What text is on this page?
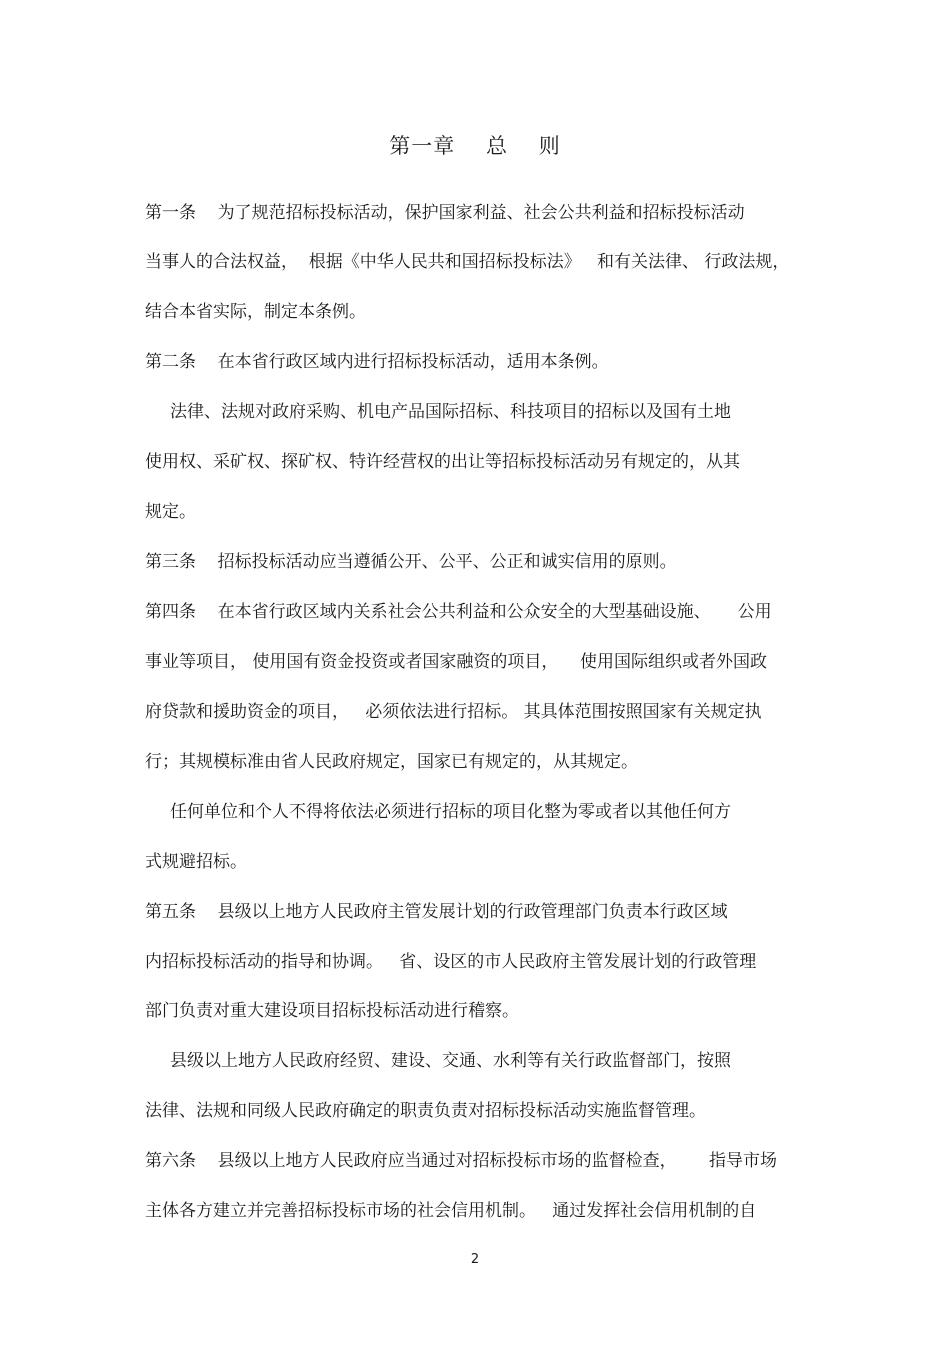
第一章    总    则
第一条    为了规范招标投标活动，保护国家利益、社会公共利益和招标投标活动
当事人的合法权益，  根据《中华人民共和国招标投标法》   和有关法律、 行政法规，
结合本省实际，制定本条例。
第二条    在本省行政区域内进行招标投标活动，适用本条例。
法律、法规对政府采购、机电产品国际招标、科技项目的招标以及国有土地
使用权、采矿权、探矿权、特许经营权的出让等招标投标活动另有规定的，从其
规定。
第三条    招标投标活动应当遵循公开、公平、公正和诚实信用的原则。
第四条    在本省行政区域内关系社会公共利益和公众安全的大型基础设施、     公用
事业等项目， 使用国有资金投资或者国家融资的项目，    使用国际组织或者外国政
府贷款和援助资金的项目，   必须依法进行招标。 其具体范围按照国家有关规定执
行；其规模标准由省人民政府规定，国家已有规定的，从其规定。
任何单位和个人不得将依法必须进行招标的项目化整为零或者以其他任何方
式规避招标。
第五条    县级以上地方人民政府主管发展计划的行政管理部门负责本行政区域
内招标投标活动的指导和协调。   省、设区的市人民政府主管发展计划的行政管理
部门负责对重大建设项目招标投标活动进行稽察。
县级以上地方人民政府经贸、建设、交通、水利等有关行政监督部门，按照
法律、法规和同级人民政府确定的职责负责对招标投标活动实施监督管理。
第六条    县级以上地方人民政府应当通过对招标投标市场的监督检查，      指导市场
主体各方建立并完善招标投标市场的社会信用机制。   通过发挥社会信用机制的自
2
